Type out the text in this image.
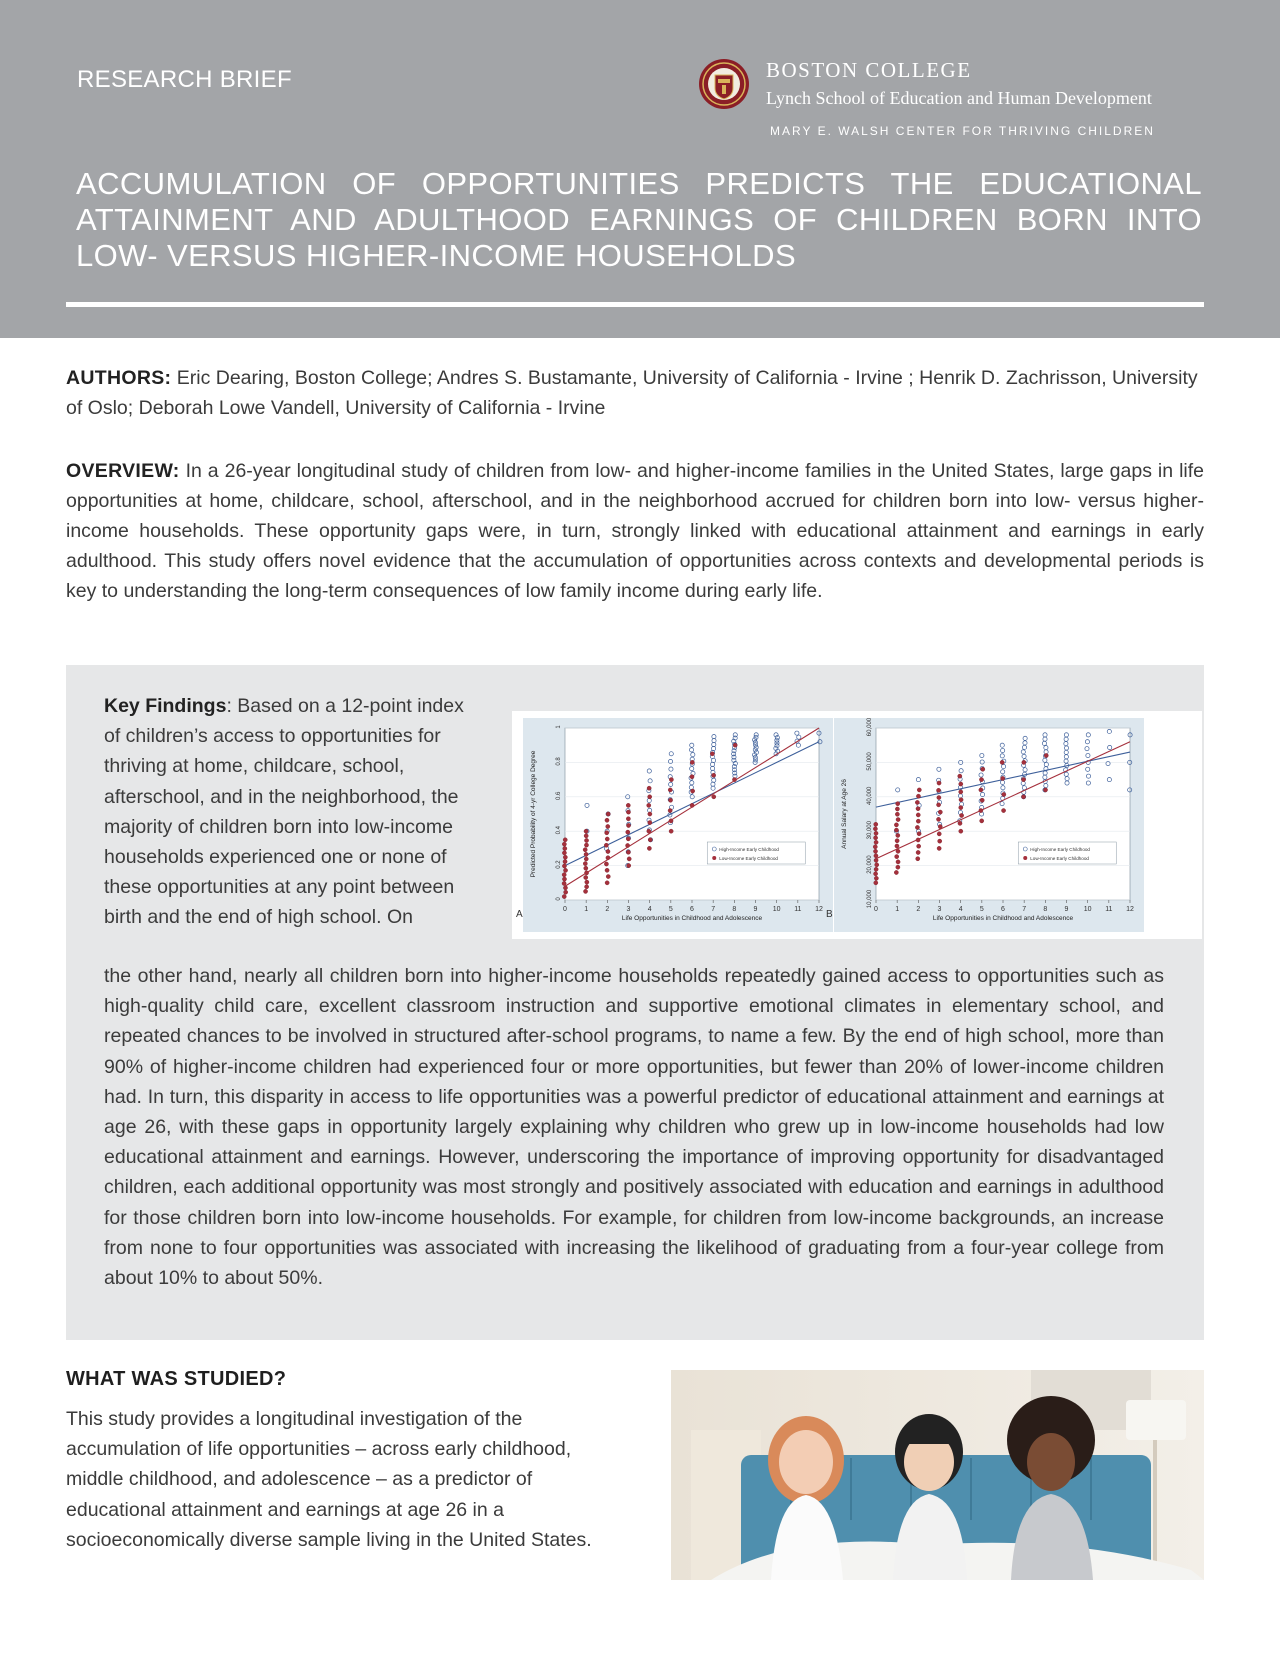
RESEARCH BRIEF	BOSTON COLLEGE
Lynch School of Education and Human Development
MARY E. WALSH CENTER FOR THRIVING CHILDREN
ACCUMULATION OF OPPORTUNITIES PREDICTS THE EDUCATIONAL
ATTAINMENT AND ADULTHOOD EARNINGS OF CHILDREN BORN INTO
LOW- VERSUS HIGHER-INCOME HOUSEHOLDS
AUTHORS: Eric Dearing, Boston College; Andres S. Bustamante, University of California - Irvine ; Henrik D. Zachrisson, University of Oslo; Deborah Lowe Vandell, University of California - Irvine
OVERVIEW: In a 26-year longitudinal study of children from low- and higher-income families in the United States, large gaps in life opportunities at home, childcare, school, afterschool, and in the neighborhood accrued for children born into low- versus higher-income households. These opportunity gaps were, in turn, strongly linked with educational attainment and earnings in early adulthood. This study offers novel evidence that the accumulation of opportunities across contexts and developmental periods is key to understanding the long-term consequences of low family income during early life.
Key Findings: Based on a 12-point index of children’s access to opportunities for thriving at home, childcare, school, afterschool, and in the neighborhood, the majority of children born into low-income households experienced one or none of these opportunities at any point between birth and the end of high school. On
0
0.2
0.4
0.6
0.8
1
0 1 2 3 4 5 6 7 8 9 10 11 12
Life Opportunities in Childhood and Adolescence
Predicted Probability of 4-yr College Degree	High-Income Early Childhood
Low-Income Early Childhood
A
10,000
20,000
30,000
40,000
50,000
60,000
0 1 2 3 4 5 6 7 8 9 10 11 12
Life Opportunities in Childhood and Adolescence
Annual Salary at Age 26
High-Income Early Childhood
Low-Income Early Childhood
B
the other hand, nearly all children born into higher-income households repeatedly gained access to opportunities such as high-quality child care, excellent classroom instruction and supportive emotional climates in elementary school, and repeated chances to be involved in structured after-school programs, to name a few. By the end of high school, more than 90% of higher-income children had experienced four or more opportunities, but fewer than 20% of lower-income children had. In turn, this disparity in access to life opportunities was a powerful predictor of educational attainment and earnings at age 26, with these gaps in opportunity largely explaining why children who grew up in low-income households had low educational attainment and earnings. However, underscoring the importance of improving opportunity for disadvantaged children, each additional opportunity was most strongly and positively associated with education and earnings in adulthood for those children born into low-income households. For example, for children from low-income backgrounds, an increase from none to four opportunities was associated with increasing the likelihood of graduating from a four-year college from about 10% to about 50%.
WHAT WAS STUDIED?
This study provides a longitudinal investigation of the accumulation of life opportunities – across early childhood, middle childhood, and adolescence – as a predictor of educational attainment and earnings at age 26 in a socioeconomically diverse sample living in the United States.
